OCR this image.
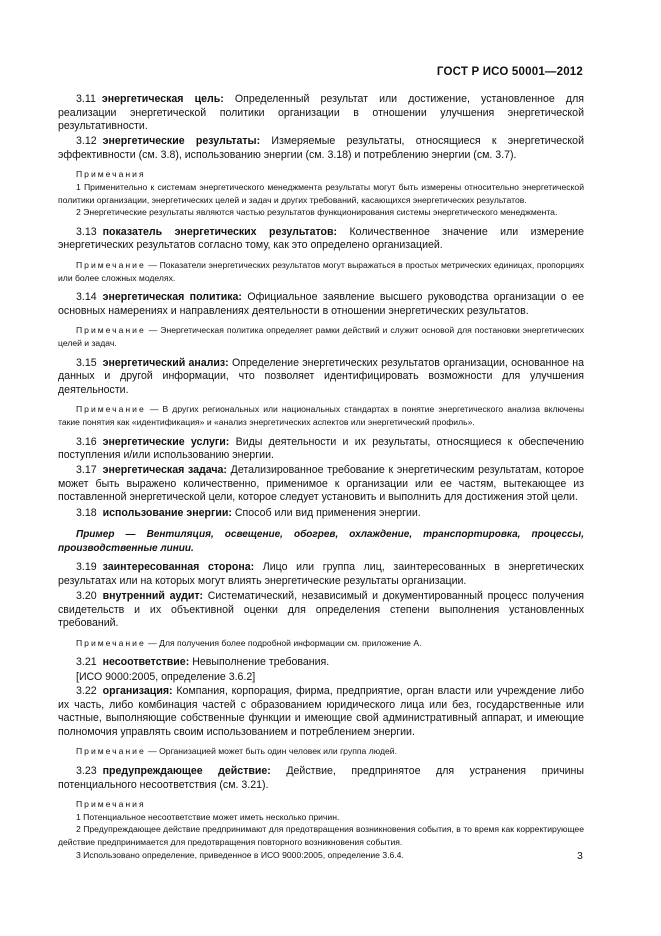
ГОСТ Р ИСО 50001—2012

3.11 энергетическая цель: Определенный результат или достижение, установленное для реализации энергетической политики организации в отношении улучшения энергетической результативности.

3.12 энергетические результаты: Измеряемые результаты, относящиеся к энергетической эффективности (см. 3.8), использованию энергии (см. 3.18) и потреблению энергии (см. 3.7).

Примечания

1 Применительно к системам энергетического менеджмента результаты могут быть измерены относительно энергетической политики организации, энергетических целей и задач и других требований, касающихся энергетических результатов.

2 Энергетические результаты являются частью результатов функционирования системы энергетического менеджмента.

3.13 показатель энергетических результатов: Количественное значение или измерение энергетических результатов согласно тому, как это определено организацией.

Примечание — Показатели энергетических результатов могут выражаться в простых метрических единицах, пропорциях или более сложных моделях.

3.14 энергетическая политика: Официальное заявление высшего руководства организации о ее основных намерениях и направлениях деятельности в отношении энергетических результатов.

Примечание — Энергетическая политика определяет рамки действий и служит основой для постановки энергетических целей и задач.

3.15 энергетический анализ: Определение энергетических результатов организации, основанное на данных и другой информации, что позволяет идентифицировать возможности для улучшения деятельности.

Примечание — В других региональных или национальных стандартах в понятие энергетического анализа включены такие понятия как «идентификация» и «анализ энергетических аспектов или энергетический профиль».

3.16 энергетические услуги: Виды деятельности и их результаты, относящиеся к обеспечению поступления и/или использованию энергии.

3.17 энергетическая задача: Детализированное требование к энергетическим результатам, которое может быть выражено количественно, применимое к организации или ее частям, вытекающее из поставленной энергетической цели, которое следует установить и выполнить для достижения этой цели.

3.18 использование энергии: Способ или вид применения энергии.

Пример — Вентиляция, освещение, обогрев, охлаждение, транспортировка, процессы, производственные линии.

3.19 заинтересованная сторона: Лицо или группа лиц, заинтересованных в энергетических результатах или на которых могут влиять энергетические результаты организации.

3.20 внутренний аудит: Систематический, независимый и документированный процесс получения свидетельств и их объективной оценки для определения степени выполнения установленных требований.

Примечание — Для получения более подробной информации см. приложение А.

3.21 несоответствие: Невыполнение требования.

[ИСО 9000:2005, определение 3.6.2]

3.22 организация: Компания, корпорация, фирма, предприятие, орган власти или учреждение либо их часть, либо комбинация частей с образованием юридического лица или без, государственные или частные, выполняющие собственные функции и имеющие свой административный аппарат, и имеющие полномочия управлять своим использованием и потреблением энергии.

Примечание — Организацией может быть один человек или группа людей.

3.23 предупреждающее действие: Действие, предпринятое для устранения причины потенциального несоответствия (см. 3.21).

Примечания

1 Потенциальное несоответствие может иметь несколько причин.

2 Предупреждающее действие предпринимают для предотвращения возникновения события, в то время как корректирующее действие предпринимается для предотвращения повторного возникновения события.

3 Использовано определение, приведенное в ИСО 9000:2005, определение 3.6.4.	3
